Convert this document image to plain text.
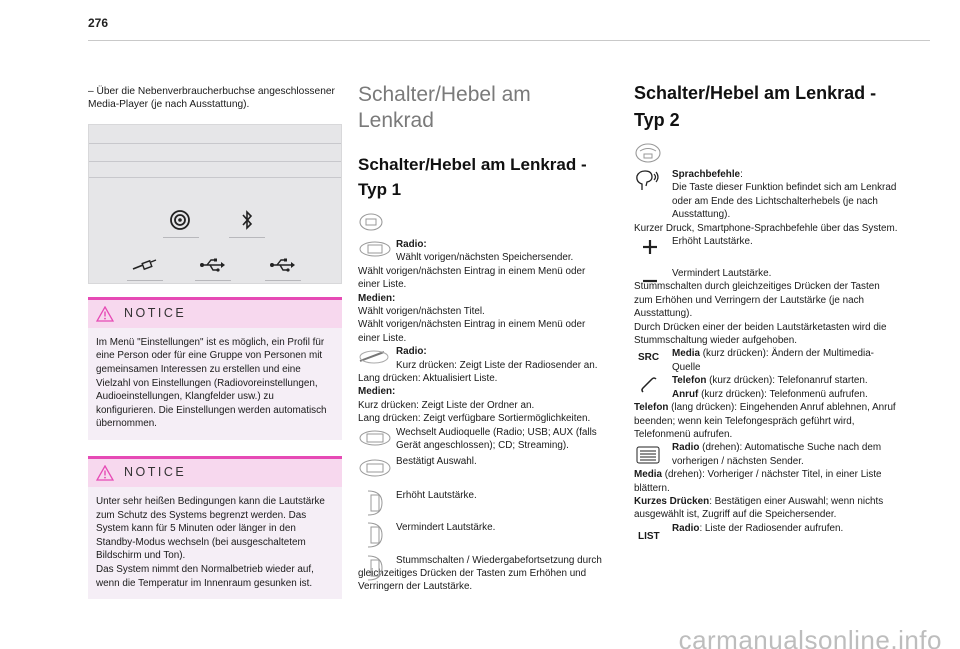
276
– Über die Nebenverbraucherbuchse angeschlossener Media-Player (je nach Ausstattung).
NOTICE
Im Menü "Einstellungen" ist es möglich, ein Profil für eine Person oder für eine Gruppe von Personen mit gemeinsamen Interessen zu erstellen und eine Vielzahl von Einstellungen (Radiovoreinstellungen, Audioeinstellungen, Klangfelder usw.) zu konfigurieren. Die Einstellungen werden automatisch übernommen.
NOTICE
Unter sehr heißen Bedingungen kann die Lautstärke zum Schutz des Systems begrenzt werden. Das System kann für 5 Minuten oder länger in den Standby-Modus wechseln (bei ausgeschaltetem Bildschirm und Ton).
Das System nimmt den Normalbetrieb wieder auf, wenn die Temperatur im Innenraum gesunken ist.
Schalter/Hebel am Lenkrad
Schalter/Hebel am Lenkrad -
Typ 1
Radio:
Wählt vorigen/nächsten Speichersender.
Wählt vorigen/nächsten Eintrag in einem Menü oder einer Liste.
Medien:
Wählt vorigen/nächsten Titel.
Wählt vorigen/nächsten Eintrag in einem Menü oder einer Liste.
Radio:
Kurz drücken: Zeigt Liste der Radiosender an.
Lang drücken: Aktualisiert Liste.
Medien:
Kurz drücken: Zeigt Liste der Ordner an.
Lang drücken: Zeigt verfügbare Sortiermöglichkeiten.
Wechselt Audioquelle (Radio; USB; AUX (falls Gerät angeschlossen); CD; Streaming).
Bestätigt Auswahl.
Erhöht Lautstärke.
Vermindert Lautstärke.
Stummschalten / Wiedergabefortsetzung durch gleichzeitiges Drücken der Tasten zum Erhöhen und Verringern der Lautstärke.
Schalter/Hebel am Lenkrad -
Typ 2
Sprachbefehle:
Die Taste dieser Funktion befindet sich am Lenkrad oder am Ende des Lichtschalterhebels (je nach Ausstattung).
Kurzer Druck, Smartphone-Sprachbefehle über das System.
Erhöht Lautstärke.
Vermindert Lautstärke.
Stummschalten durch gleichzeitiges Drücken der Tasten zum Erhöhen und Verringern der Lautstärke (je nach Ausstattung).
Durch Drücken einer der beiden Lautstärketasten wird die Stummschaltung wieder aufgehoben.
SRC	Media (kurz drücken): Ändern der Multimedia-Quelle
Telefon (kurz drücken): Telefonanruf starten.
Anruf (kurz drücken): Telefonmenü aufrufen.
Telefon (lang drücken): Eingehenden Anruf ablehnen, Anruf beenden; wenn kein Telefongespräch geführt wird, Telefonmenü aufrufen.
Radio (drehen): Automatische Suche nach dem vorherigen / nächsten Sender.
Media (drehen): Vorheriger / nächster Titel, in einer Liste blättern.
Kurzes Drücken: Bestätigen einer Auswahl; wenn nichts ausgewählt ist, Zugriff auf die Speichersender.
LIST
Radio: Liste der Radiosender aufrufen.
carmanualsonline.info
